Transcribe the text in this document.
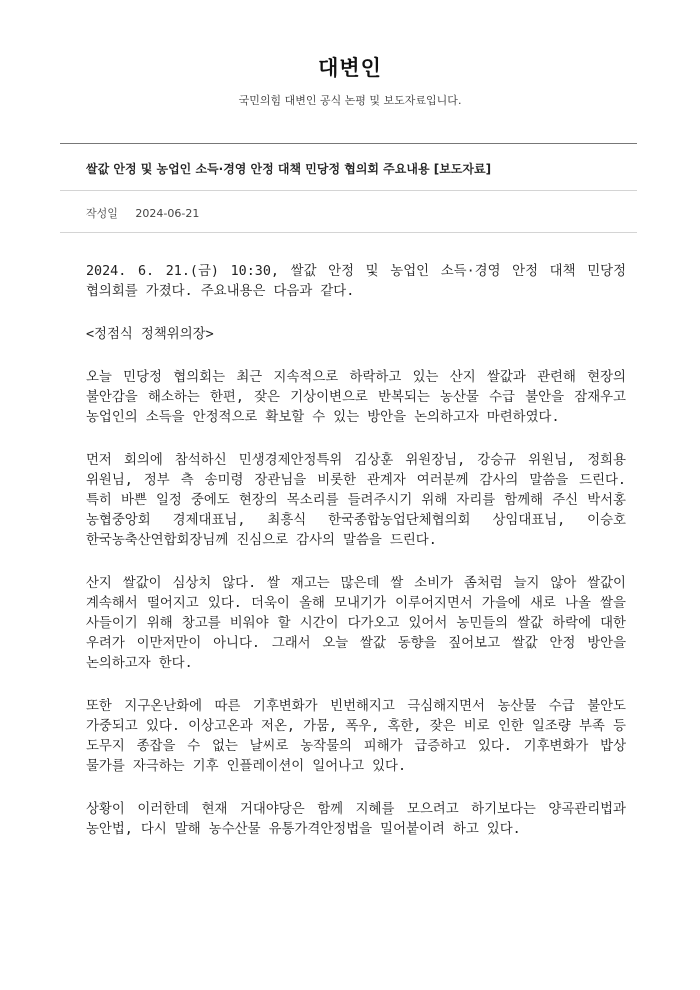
대변인
국민의힘 대변인 공식 논평 및 보도자료입니다.
쌀값 안정 및 농업인 소득·경영 안정 대책 민당정 협의회 주요내용 [보도자료]
작성일 2024-06-21

2024. 6. 21.(금) 10:30, 쌀값 안정 및 농업인 소득·경영 안정 대책 민당정 협의회를 가졌다. 주요내용은 다음과 같다.

<정점식 정책위의장>

오늘 민당정 협의회는 최근 지속적으로 하락하고 있는 산지 쌀값과 관련해 현장의 불안감을 해소하는 한편, 잦은 기상이변으로 반복되는 농산물 수급 불안을 잠재우고 농업인의 소득을 안정적으로 확보할 수 있는 방안을 논의하고자 마련하였다.

먼저 회의에 참석하신 민생경제안정특위 김상훈 위원장님, 강승규 위원님, 정희용 위원님, 정부 측 송미령 장관님을 비롯한 관계자 여러분께 감사의 말씀을 드린다. 특히 바쁜 일정 중에도 현장의 목소리를 들려주시기 위해 자리를 함께해 주신 박서홍 농협중앙회 경제대표님, 최흥식 한국종합농업단체협의회 상임대표님, 이승호 한국농축산연합회장님께 진심으로 감사의 말씀을 드린다.

산지 쌀값이 심상치 않다. 쌀 재고는 많은데 쌀 소비가 좀처럼 늘지 않아 쌀값이 계속해서 떨어지고 있다. 더욱이 올해 모내기가 이루어지면서 가을에 새로 나올 쌀을 사들이기 위해 창고를 비워야 할 시간이 다가오고 있어서 농민들의 쌀값 하락에 대한 우려가 이만저만이 아니다. 그래서 오늘 쌀값 동향을 짚어보고 쌀값 안정 방안을 논의하고자 한다.

또한 지구온난화에 따른 기후변화가 빈번해지고 극심해지면서 농산물 수급 불안도 가중되고 있다. 이상고온과 저온, 가뭄, 폭우, 혹한, 잦은 비로 인한 일조량 부족 등 도무지 종잡을 수 없는 날씨로 농작물의 피해가 급증하고 있다. 기후변화가 밥상 물가를 자극하는 기후 인플레이션이 일어나고 있다.

상황이 이러한데 현재 거대야당은 함께 지혜를 모으려고 하기보다는 양곡관리법과 농안법, 다시 말해 농수산물 유통가격안정법을 밀어붙이려 하고 있다.
